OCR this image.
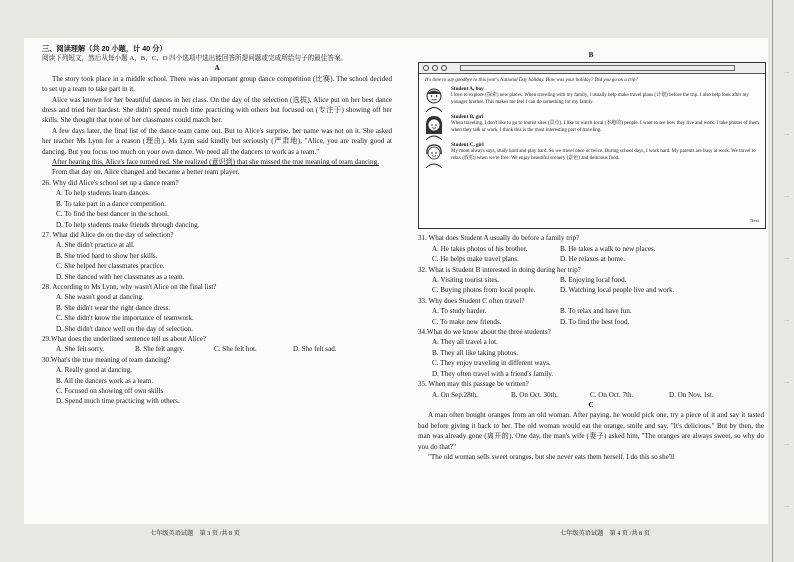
一
一
一
一
一
一
一
一

三、阅读理解（共 20 小题，计 40 分）

阅读下列短文，然后从每小题 A、B、C、D 四个选项中选出能回答所提问题或完成所给句子的最佳答案。

A

The story took place in a middle school. There was an important group dance competition (比赛). The school decided to set up a team to take part in it.

Alice was known for her beautiful dances in her class. On the day of the selection (选拔), Alice put on her best dance dress and tried her hardest. She didn't spend much time practicing with others but focused on (专注于) showing off her skills. She thought that none of her classmates could match her.

A few days later, the final list of the dance team came out. But to Alice's surprise, her name was not on it. She asked her teacher Ms Lynn for a reason (理由). Ms Lynn said kindly but seriously (严肃地), "Alice, you are really good at dancing. But you focus too much on your own dance. We need all the dancers to work as a team."

After hearing this, Alice's face turned red. She realized (意识到) that she missed the true meaning of team dancing.

From that day on, Alice changed and became a better team player.

26. Why did Alice's school set up a dance team?

A. To help students learn dances.

B. To take part in a dance competition.

C. To find the best dancer in the school.

D. To help students make friends through dancing.

27. What did Alice do on the day of selection?

A. She didn't practice at all.

B. She tried hard to show her skills.

C. She helped her classmates practice.

D. She danced with her classmates as a team.

28. According to Ms Lynn, why wasn't Alice on the final list?

A. She wasn't good at dancing.

B. She didn't wear the right dance dress.

C. She didn't know the importance of teamwork.

D. She didn't dance well on the day of selection.

29.What does the underlined sentence tell us about Alice?

A. She felt sorry.	B. She felt angry.	C. She felt hot.	D. She felt sad.

30.What's the true meaning of team dancing?

A. Really good at dancing.

B. All the dancers work as a team.

C. Focused on showing off own skills

D. Spend much time practicing with others.

七年级英语试题　第 3 页 /共 8 页

B

It's time to say goodbye to this year's National Day holiday. How was your holiday? Did you go on a trip?
Student A, boy
I love to explore (探索) new places. When traveling with my family, I usually help make travel plans (计划) before the trip. I also help look after my younger brother. This makes me feel I can do something for my family.
Student B, girl
When traveling, I don't like to go to tourist sites (景点). I like to watch local (本地的) people. I want to see how they live and work. I take photos of them when they talk or work. I think this is the most interesting part of traveling.
Student C, girl
My mom always says, study hard and play hard. So we travel once or twice. During school days, I work hard. My parents are busy at work. We travel to relax (放松) when we're free. We enjoy beautiful scenery (景色) and delicious food.
Next

31. What does Student A usually do before a family trip?

A. He takes photos of his brother.	B. He takes a walk to new places.

C. He helps make travel plans.	D. He relaxes at home.

32. What is Student B interested in doing during her trip?

A. Visiting tourist sites.	B. Enjoying local food.

C. Buying photos from local people.	D. Watching local people live and work.

33. Why does Student C often travel?

A. To study harder.	B. To relax and have fun.

C. To make new friends.	D. To find the best food.

34.What do we know about the three students?

A. They all travel a lot.

B. They all like taking photos.

C. They enjoy traveling in different ways.

D. They often travel with a friend's family.

35. When may this passage be written?

A. On Sep.28th.	B. On Oct. 30th.	C. On Oct. 7th.	D. On Nov. 1st.

C

A man often bought oranges from an old woman. After paying, he would pick one, try a piece of it and say it tasted bad before giving it back to her. The old woman would eat the orange, smile and say, "It's delicious." But by then, the man was already gone (离开的). One day, the man's wife (妻子) asked him, "The oranges are always sweet, so why do you do that?"

"The old woman sells sweet oranges, but she never eats them herself. I do this so she'll

七年级英语试题　第 4 页 /共 8 页
